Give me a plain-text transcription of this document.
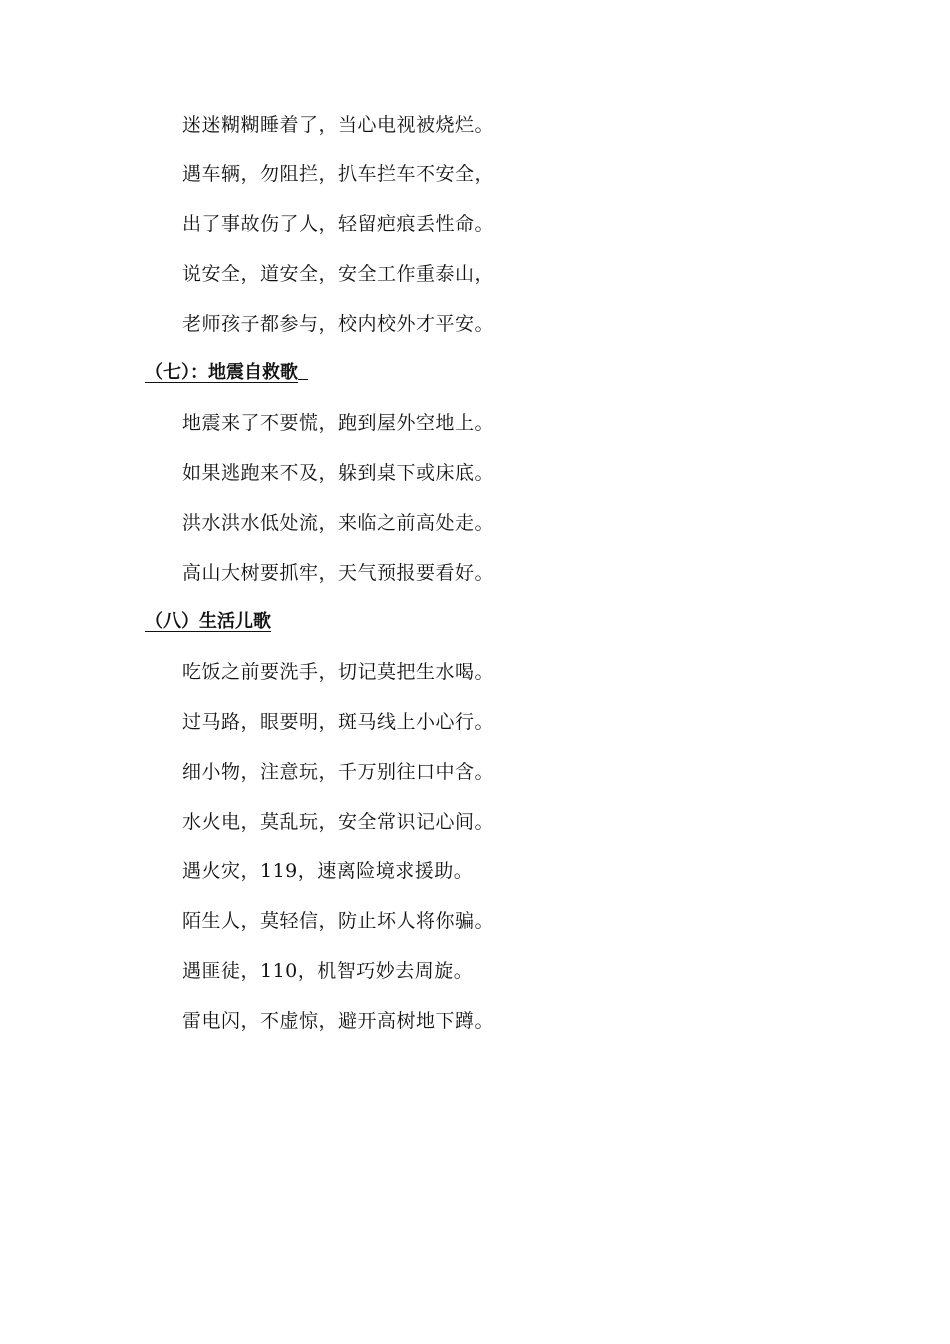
迷迷糊糊睡着了，当心电视被烧烂。
遇车辆，勿阻拦，扒车拦车不安全，
出了事故伤了人，轻留疤痕丢性命。
说安全，道安全，安全工作重泰山，
老师孩子都参与，校内校外才平安。
（七）：地震自救歌
地震来了不要慌，跑到屋外空地上。
如果逃跑来不及，躲到桌下或床底。
洪水洪水低处流，来临之前高处走。
高山大树要抓牢，天气预报要看好。
（八）生活儿歌
吃饭之前要洗手，切记莫把生水喝。
过马路，眼要明，斑马线上小心行。
细小物，注意玩，千万别往口中含。
水火电，莫乱玩，安全常识记心间。
遇火灾，119，速离险境求援助。
陌生人，莫轻信，防止坏人将你骗。
遇匪徒，110，机智巧妙去周旋。
雷电闪，不虚惊，避开高树地下蹲。
